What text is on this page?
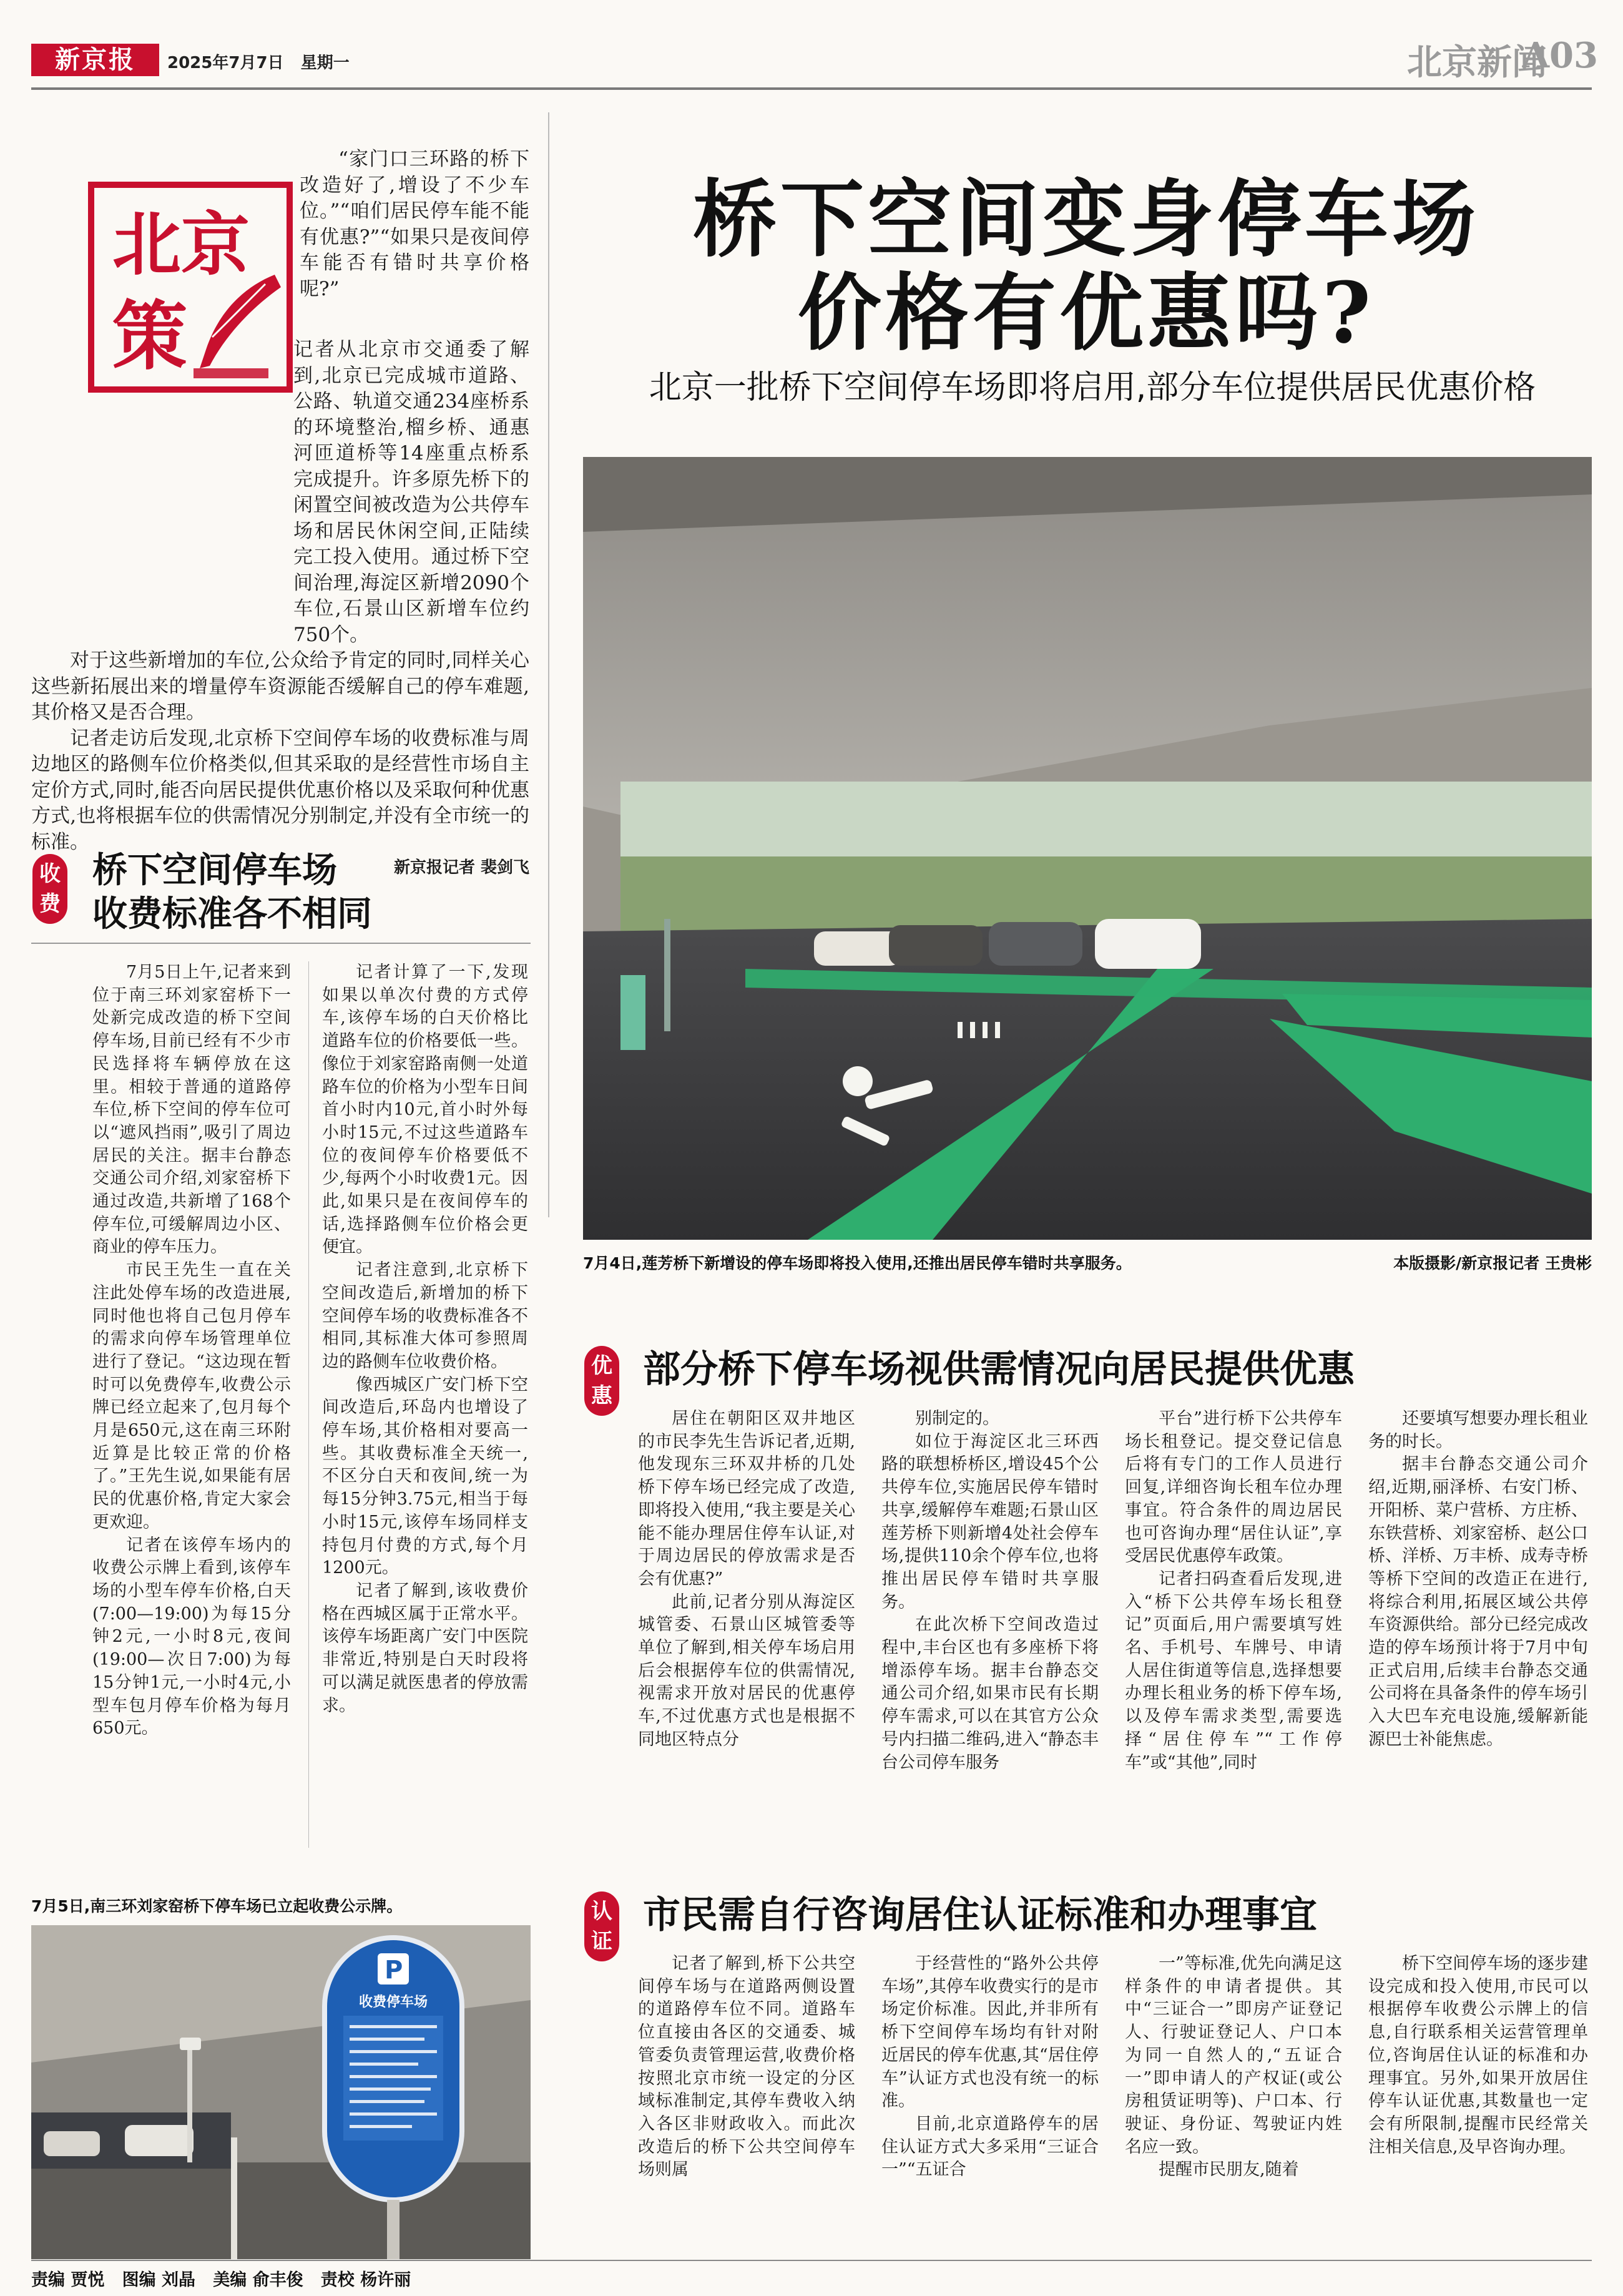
新京报	2025年7月7日   星期一	北京新闻
A03
北京
策

“家门口三环路的桥下改造好了,增设了不少车位。”“咱们居民停车能不能有优惠?”“如果只是夜间停车能否有错时共享价格呢?”

记者从北京市交通委了解到,北京已完成城市道路、公路、轨道交通234座桥系的环境整治,榴乡桥、通惠河匝道桥等14座重点桥系完成提升。许多原先桥下的闲置空间被改造为公共停车场和居民休闲空间,正陆续完工投入使用。通过桥下空间治理,海淀区新增2090个车位,石景山区新增车位约750个。

对于这些新增加的车位,公众给予肯定的同时,同样关心这些新拓展出来的增量停车资源能否缓解自己的停车难题,其价格又是否合理。

记者走访后发现,北京桥下空间停车场的收费标准与周边地区的路侧车位价格类似,但其采取的是经营性市场自主定价方式,同时,能否向居民提供优惠价格以及采取何种优惠方式,也将根据车位的供需情况分别制定,并没有全市统一的标准。

新京报记者 裴剑飞

桥下空间变身停车场
价格有优惠吗?
北京一批桥下空间停车场即将启用,部分车位提供居民优惠价格
7月4日,莲芳桥下新增设的停车场即将投入使用,还推出居民停车错时共享服务。	本版摄影/新京报记者 王贵彬
收费
桥下空间停车场
收费标准各不相同

7月5日上午,记者来到位于南三环刘家窑桥下一处新完成改造的桥下空间停车场,目前已经有不少市民选择将车辆停放在这里。相较于普通的道路停车位,桥下空间的停车位可以“遮风挡雨”,吸引了周边居民的关注。据丰台静态交通公司介绍,刘家窑桥下通过改造,共新增了168个停车位,可缓解周边小区、商业的停车压力。

市民王先生一直在关注此处停车场的改造进展,同时他也将自己包月停车的需求向停车场管理单位进行了登记。“这边现在暂时可以免费停车,收费公示牌已经立起来了,包月每个月是650元,这在南三环附近算是比较正常的价格了。”王先生说,如果能有居民的优惠价格,肯定大家会更欢迎。

记者在该停车场内的收费公示牌上看到,该停车场的小型车停车价格,白天(7:00—19:00)为每15分钟2元,一小时8元,夜间(19:00—次日7:00)为每15分钟1元,一小时4元,小型车包月停车价格为每月650元。

记者计算了一下,发现如果以单次付费的方式停车,该停车场的白天价格比道路车位的价格要低一些。像位于刘家窑路南侧一处道路车位的价格为小型车日间首小时内10元,首小时外每小时15元,不过这些道路车位的夜间停车价格要低不少,每两个小时收费1元。因此,如果只是在夜间停车的话,选择路侧车位价格会更便宜。

记者注意到,北京桥下空间改造后,新增加的桥下空间停车场的收费标准各不相同,其标准大体可参照周边的路侧车位收费价格。

像西城区广安门桥下空间改造后,环岛内也增设了停车场,其价格相对要高一些。其收费标准全天统一,不区分白天和夜间,统一为每15分钟3.75元,相当于每小时15元,该停车场同样支持包月付费的方式,每个月1200元。

记者了解到,该收费价格在西城区属于正常水平。该停车场距离广安门中医院非常近,特别是白天时段将可以满足就医患者的停放需求。

优惠
部分桥下停车场视供需情况向居民提供优惠

居住在朝阳区双井地区的市民李先生告诉记者,近期,他发现东三环双井桥的几处桥下停车场已经完成了改造,即将投入使用,“我主要是关心能不能办理居住停车认证,对于周边居民的停放需求是否会有优惠?”

此前,记者分别从海淀区城管委、石景山区城管委等单位了解到,相关停车场启用后会根据停车位的供需情况,视需求开放对居民的优惠停车,不过优惠方式也是根据不同地区特点分

别制定的。

如位于海淀区北三环西路的联想桥桥区,增设45个公共停车位,实施居民停车错时共享,缓解停车难题;石景山区莲芳桥下则新增4处社会停车场,提供110余个停车位,也将推出居民停车错时共享服务。

在此次桥下空间改造过程中,丰台区也有多座桥下将增添停车场。据丰台静态交通公司介绍,如果市民有长期停车需求,可以在其官方公众号内扫描二维码,进入“静态丰台公司停车服务

平台”进行桥下公共停车场长租登记。提交登记信息后将有专门的工作人员进行回复,详细咨询长租车位办理事宜。符合条件的周边居民也可咨询办理“居住认证”,享受居民优惠停车政策。

记者扫码查看后发现,进入“桥下公共停车场长租登记”页面后,用户需要填写姓名、手机号、车牌号、申请人居住街道等信息,选择想要办理长租业务的桥下停车场,以及停车需求类型,需要选择“居住停车”“工作停车”或“其他”,同时

还要填写想要办理长租业务的时长。

据丰台静态交通公司介绍,近期,丽泽桥、右安门桥、开阳桥、菜户营桥、方庄桥、东铁营桥、刘家窑桥、赵公口桥、洋桥、万丰桥、成寿寺桥等桥下空间的改造正在进行,将综合利用,拓展区域公共停车资源供给。部分已经完成改造的停车场预计将于7月中旬正式启用,后续丰台静态交通公司将在具备条件的停车场引入大巴车充电设施,缓解新能源巴士补能焦虑。

认证
市民需自行咨询居住认证标准和办理事宜

记者了解到,桥下公共空间停车场与在道路两侧设置的道路停车位不同。道路车位直接由各区的交通委、城管委负责管理运营,收费价格按照北京市统一设定的分区域标准制定,其停车费收入纳入各区非财政收入。而此次改造后的桥下公共空间停车场则属

于经营性的“路外公共停车场”,其停车收费实行的是市场定价标准。因此,并非所有桥下空间停车场均有针对附近居民的停车优惠,其“居住停车”认证方式也没有统一的标准。

目前,北京道路停车的居住认证方式大多采用“三证合一”“五证合

一”等标准,优先向满足这样条件的申请者提供。其中“三证合一”即房产证登记人、行驶证登记人、户口本为同一自然人的,“五证合一”即申请人的产权证(或公房租赁证明等)、户口本、行驶证、身份证、驾驶证内姓名应一致。

提醒市民朋友,随着

桥下空间停车场的逐步建设完成和投入使用,市民可以根据停车收费公示牌上的信息,自行联系相关运营管理单位,咨询居住认证的标准和办理事宜。另外,如果开放居住停车认证优惠,其数量也一定会有所限制,提醒市民经常关注相关信息,及早咨询办理。

7月5日,南三环刘家窑桥下停车场已立起收费公示牌。
P
收费停车场
责编 贾悦   图编 刘晶   美编 俞丰俊   责校 杨许丽
